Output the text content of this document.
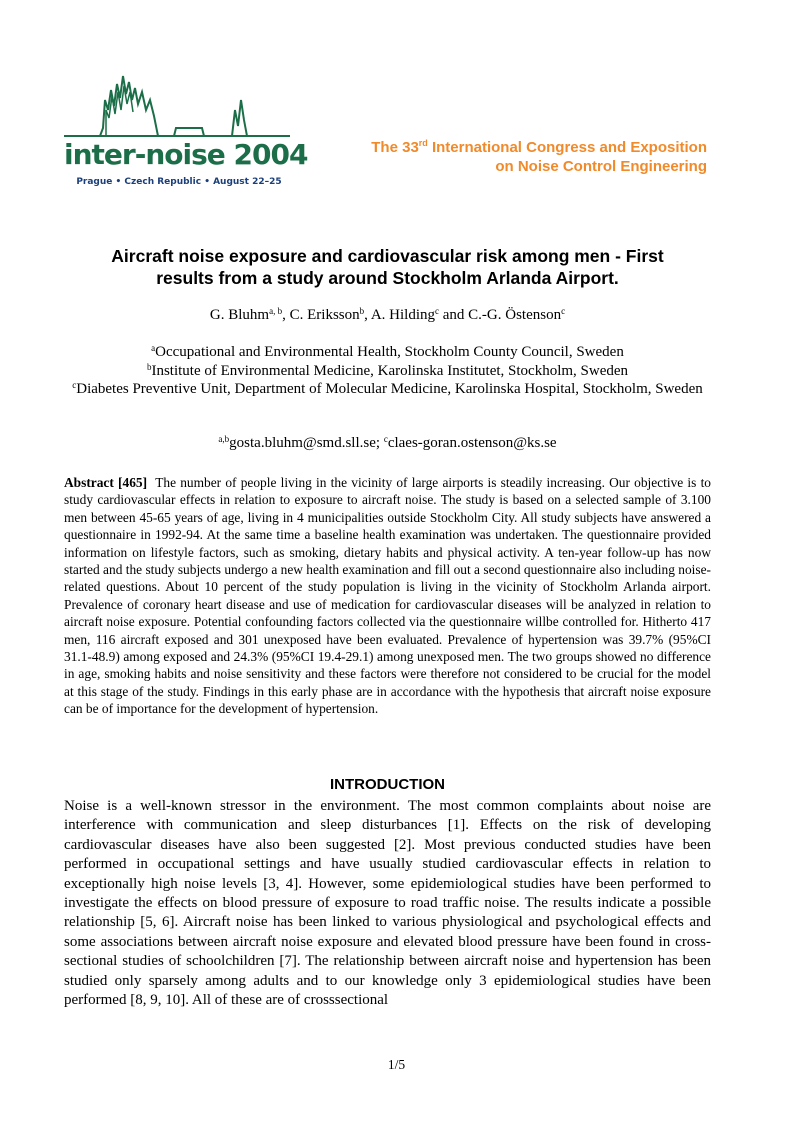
inter-noise 2004
Prague • Czech Republic • August 22–25
The 33rd International Congress and Exposition
on Noise Control Engineering
Aircraft noise exposure and cardiovascular risk among men - First
results from a study around Stockholm Arlanda Airport.
G. Bluhm$^{a, b}$, C. Eriksson$^b$, A. Hilding$^c$ and C.-G. Östenson$^c$
$^a$Occupational and Environmental Health, Stockholm County Council, Sweden
$^b$Institute of Environmental Medicine, Karolinska Institutet, Stockholm, Sweden
$^c$Diabetes Preventive Unit, Department of Molecular Medicine, Karolinska Hospital, Stockholm, Sweden
$^{a,b}$gosta.bluhm@smd.sll.se; $^c$claes-goran.ostenson@ks.se
Abstract [465] The number of people living in the vicinity of large airports is steadily increasing. Our objective is to study cardiovascular effects in relation to exposure to aircraft noise. The study is based on a selected sample of 3.100 men between 45-65 years of age, living in 4 municipalities outside Stockholm City. All study subjects have answered a questionnaire in 1992-94. At the same time a baseline health examination was undertaken. The questionnaire provided information on lifestyle factors, such as smoking, dietary habits and physical activity. A ten-year follow-up has now started and the study subjects undergo a new health examination and fill out a second questionnaire also including noise-related questions. About 10 percent of the study population is living in the vicinity of Stockholm Arlanda airport. Prevalence of coronary heart disease and use of medication for cardiovascular diseases will be analyzed in relation to aircraft noise exposure. Potential confounding factors collected via the questionnaire willbe controlled for. Hitherto 417 men, 116 aircraft exposed and 301 unexposed have been evaluated. Prevalence of hypertension was 39.7% (95%CI 31.1-48.9) among exposed and 24.3% (95%CI 19.4-29.1) among unexposed men. The two groups showed no difference in age, smoking habits and noise sensitivity and these factors were therefore not considered to be crucial for the model at this stage of the study. Findings in this early phase are in accordance with the hypothesis that aircraft noise exposure can be of importance for the development of hypertension.
INTRODUCTION
Noise is a well-known stressor in the environment. The most common complaints about noise are interference with communication and sleep disturbances [1]. Effects on the risk of developing cardiovascular diseases have also been suggested [2]. Most previous conducted studies have been performed in occupational settings and have usually studied cardiovascular effects in relation to exceptionally high noise levels [3, 4]. However, some epidemiological studies have been performed to investigate the effects on blood pressure of exposure to road traffic noise. The results indicate a possible relationship [5, 6]. Aircraft noise has been linked to various physiological and psychological effects and some associations between aircraft noise exposure and elevated blood pressure have been found in cross-sectional studies of schoolchildren [7]. The relationship between aircraft noise and hypertension has been studied only sparsely among adults and to our knowledge only 3 epidemiological studies have been performed [8, 9, 10]. All of these are of crosssectional
1/5
